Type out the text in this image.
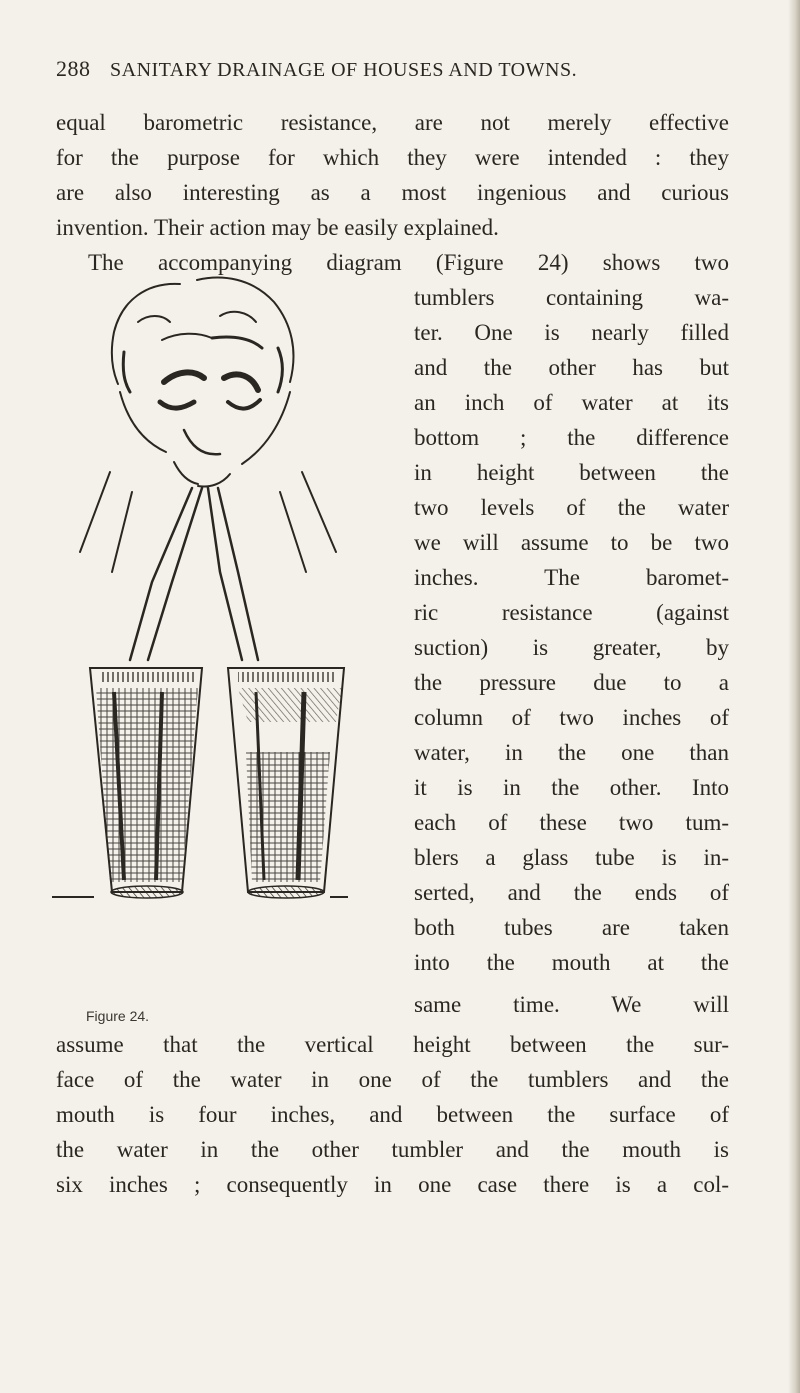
288 SANITARY DRAINAGE OF HOUSES AND TOWNS.
equal barometric resistance, are not merely effective
for the purpose for which they were intended : they
are also interesting as a most ingenious and curious
invention. Their action may be easily explained.
The accompanying diagram (Figure 24) shows two
tumblers containing wa-
ter. One is nearly filled
and the other has but
an inch of water at its
bottom ; the difference
in height between the
two levels of the water
we will assume to be two
inches. The baromet-
ric resistance (against
suction) is greater, by
the pressure due to a
column of two inches of
water, in the one than
it is in the other. Into
each of these two tum-
blers a glass tube is in-
serted, and the ends of
both tubes are taken
into the mouth at the
same time. We will
assume that the vertical height between the sur-
face of the water in one of the tumblers and the
mouth is four inches, and between the surface of
the water in the other tumbler and the mouth is
six inches ; consequently in one case there is a col-
Figure 24.
